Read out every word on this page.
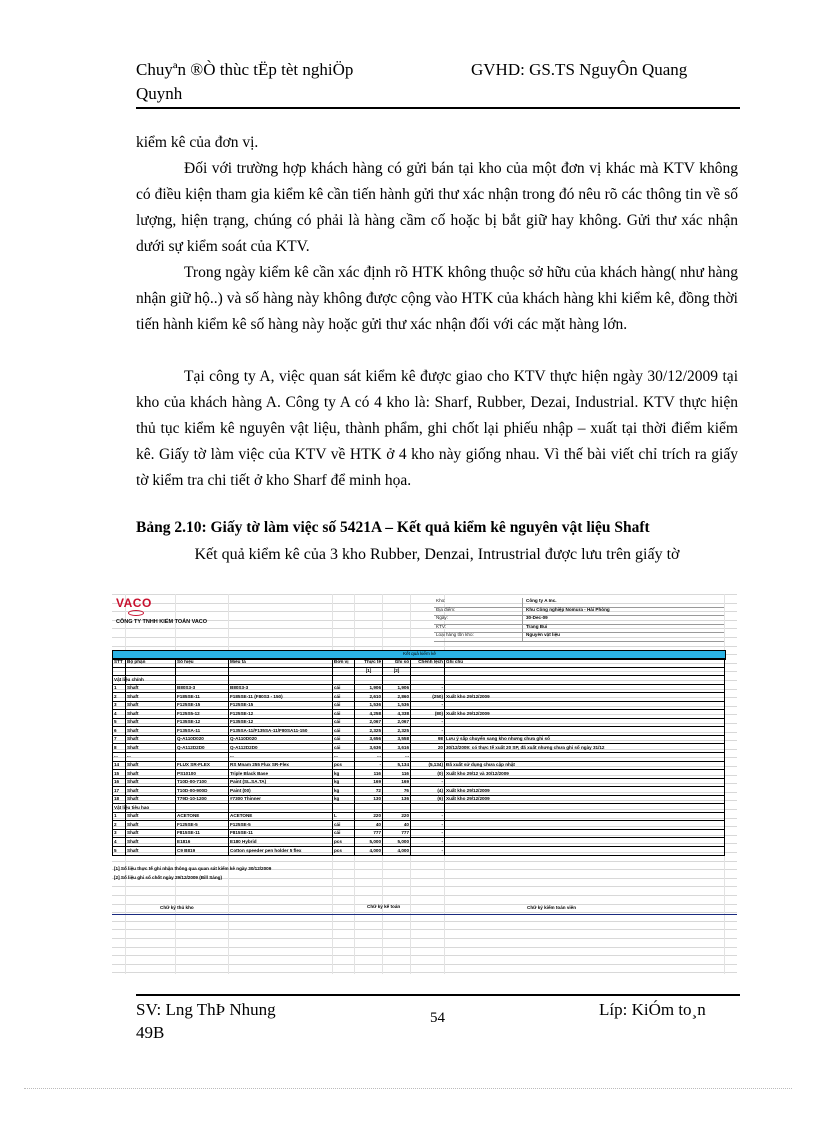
Chuyªn ®Ò thùc tËp tèt nghiÖp
Quynh
GVHD: GS.TS NguyÔn Quang
kiểm kê của đơn vị.
Đối với trường hợp khách hàng có gửi bán tại kho của một đơn vị khác mà KTV không có điều kiện tham gia kiểm kê cần tiến hành gửi thư xác nhận trong đó nêu rõ các thông tin về số lượng, hiện trạng, chúng có phải là hàng cầm cố hoặc bị bắt giữ hay không. Gửi thư xác nhận dưới sự kiểm soát của KTV.
Trong ngày kiểm kê cần xác định rõ HTK không thuộc sở hữu của khách hàng( như hàng nhận giữ hộ..) và số hàng này không được cộng vào HTK của khách hàng khi kiểm kê, đồng thời tiến hành kiểm kê số hàng này hoặc gửi thư xác nhận đối với các mặt hàng lớn.
Tại công ty A, việc quan sát kiểm kê được giao cho KTV thực hiện ngày 30/12/2009 tại kho của khách hàng A. Công ty A có 4 kho là: Sharf, Rubber, Dezai, Industrial. KTV thực hiện thủ tục kiểm kê nguyên vật liệu, thành phẩm, ghi chốt lại phiếu nhập – xuất tại thời điểm kiểm kê. Giấy tờ làm việc của KTV về HTK ở 4 kho này giống nhau. Vì thế bài viết chỉ trích ra giấy tờ kiểm tra chi tiết ở kho Sharf để minh họa.
Bảng 2.10: Giấy tờ làm việc số 5421A – Kết quả kiểm kê nguyên vật liệu Shaft
Kết quả kiểm kê của 3 kho Rubber, Denzai, Intrustrial được lưu trên giấy tờ
VACO
CÔNG TY TNHH KIỂM TOÁN VACO
Kho:	Công ty A Inc.
Địa điểm:	Khu Công nghiệp Nomura - Hải Phòng
Ngày:	30-Dec-09
KTV:	Trang Bui
Loại hàng tồn kho:	Nguyên vật liệu
Kết quả kiểm kê
STT	Bộ phận	Số hiệu	Miêu tả	Đơn vị	Thực tế	Ghi sổ	Chênh lệch	Ghi chú
					[1]	[2]		
Vật liệu chính								
1	Shaft	B80S3-3	B80S3-3	cái	1,906	1,906	-	
2	Shaft	F185SE-11	F185SE-11 (F80S3 - 150)	cái	2,610	2,860	(250)	Xuất kho 29/12/2009
3	Shaft	F125SE-15	F125SE-15	cái	1,536	1,536	-	
4	Shaft	F125S5-12	F125SE-12	cái	4,258	4,338	(80)	Xuất kho 29/12/2009
5	Shaft	F135SE-12	F135SE-12	cái	2,067	2,067	-	
6	Shaft	F135SA-11	F135SA-11/F135SA-11/F80SA11-150	cái	2,325	2,325	-	
7	Shaft	Q-A110D020	Q-A110D020	cái	3,656	3,558	98	Lưu ý sắp chuyển sang kho nhưng chưa ghi sổ
8	Shaft	Q-A112D2D0	Q-A112D2D0	cái	3,636	3,616	20	30/12/2009: có thực tế xuất 20 SP, đã xuất nhưng chưa ghi sổ ngày 31/12
...	...		...	...	...	...		
14	Shaft	FLUX SR-FLEX	RS Mnam 255 Flux SR-Flex	pcs	-	5,134	(5,134)	Đã xuất sử dụng chưa cập nhật
15	Shaft	PS10100	Triple Black Base	kg	116	116	(0)	Xuất kho 29/12 và 30/12/2009
16	Shaft	T10D-00-7100	Paint (SL.SA.TA)	kg	169	169	-	
17	Shaft	T10D-00-900D	Paint (00)	kg	72	76	(4)	Xuất kho 29/12/2009
18	Shaft	T79D-10-1200	#7300 Thinner	kg	130	136	(6)	Xuất kho 29/12/2009
Vật liệu tiêu hao								
1	Shaft	ACETONE	ACETONE	L	220	220	-	
2	Shaft	F125SE-5	F125SE-5	cái	40	40	-	
3	Shaft	F815SE-11	F815SE-11	cái	777	777	-	
4	Shaft	E1816	E180 Hybrid	pcs	5,000	5,000	-	
5	Shaft	C9 B819	Cotton speeder pen holder 5 flex	pcs	4,000	4,000	-	
[1] Số liệu thực tế ghi nhận thông qua quan sát kiểm kê ngày 30/12/2009
[2] Số liệu ghi sổ chốt ngày 29/12/2009 (Bill Sáng)
Chữ ký thủ kho	Chữ ký kế toán	Chữ ký kiểm toán viên
SV: Lng ThÞ Nhung
49B
54	Líp: KiÓm to¸n
